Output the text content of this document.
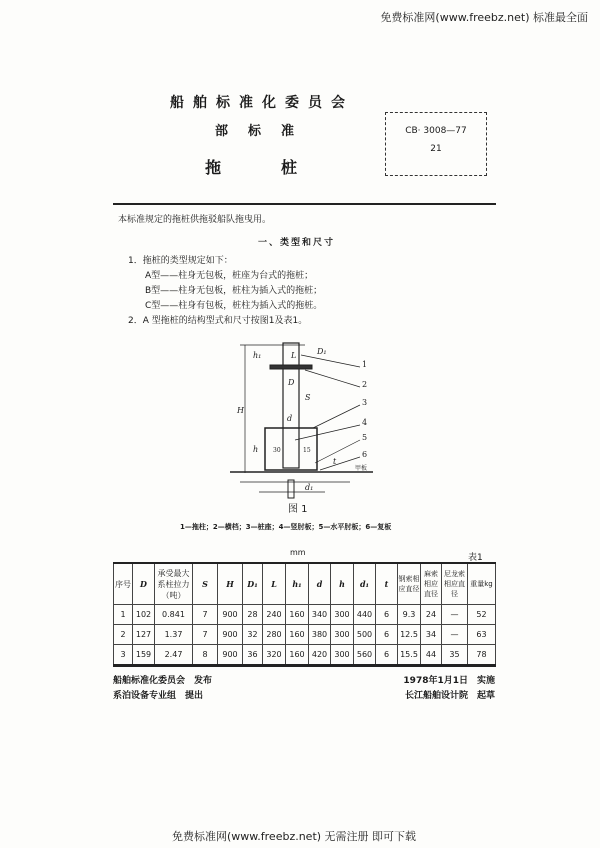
免费标准网(www.freebz.net) 标准最全面
船舶标准化委员会
部标准
拖桩
CB· 3008—77
21
本标准规定的拖桩供拖驳船队拖曳用。
一、类型和尺寸
1．拖桩的类型规定如下：
A型——柱身无包板，桩座为台式的拖桩；
B型——柱身无包板，桩柱为插入式的拖桩；
C型——柱身有包板，桩柱为插入式的拖桩。
2．A 型拖桩的结构型式和尺寸按图1及表1。
h₁	L	D₁
D
S
H
d
h
t
d₁
甲板
30	15
1
2
3
4
5
6
图 1
1—拖柱；2—横档；3—桩座；4—竖肘板；5—水平肘板；6—复板
mm
表1
序号	D	承受最大系柱拉力（吨）	S	H	D₁	L	h₁	d	h	d₁	t	钢索相应直径	麻索相应直径	尼龙索相应直径	重量kg
1	102	0.841	7	900	28	240	160	340	300	440	6	9.3	24	—	52
2	127	1.37	7	900	32	280	160	380	300	500	6	12.5	34	—	63
3	159	2.47	8	900	36	320	160	420	300	560	6	15.5	44	35	78
船舶标准化委员会　发布	1978年1月1日　实施
系泊设备专业组　提出	长江船舶设计院　起草
免费标准网(www.freebz.net) 无需注册 即可下载
